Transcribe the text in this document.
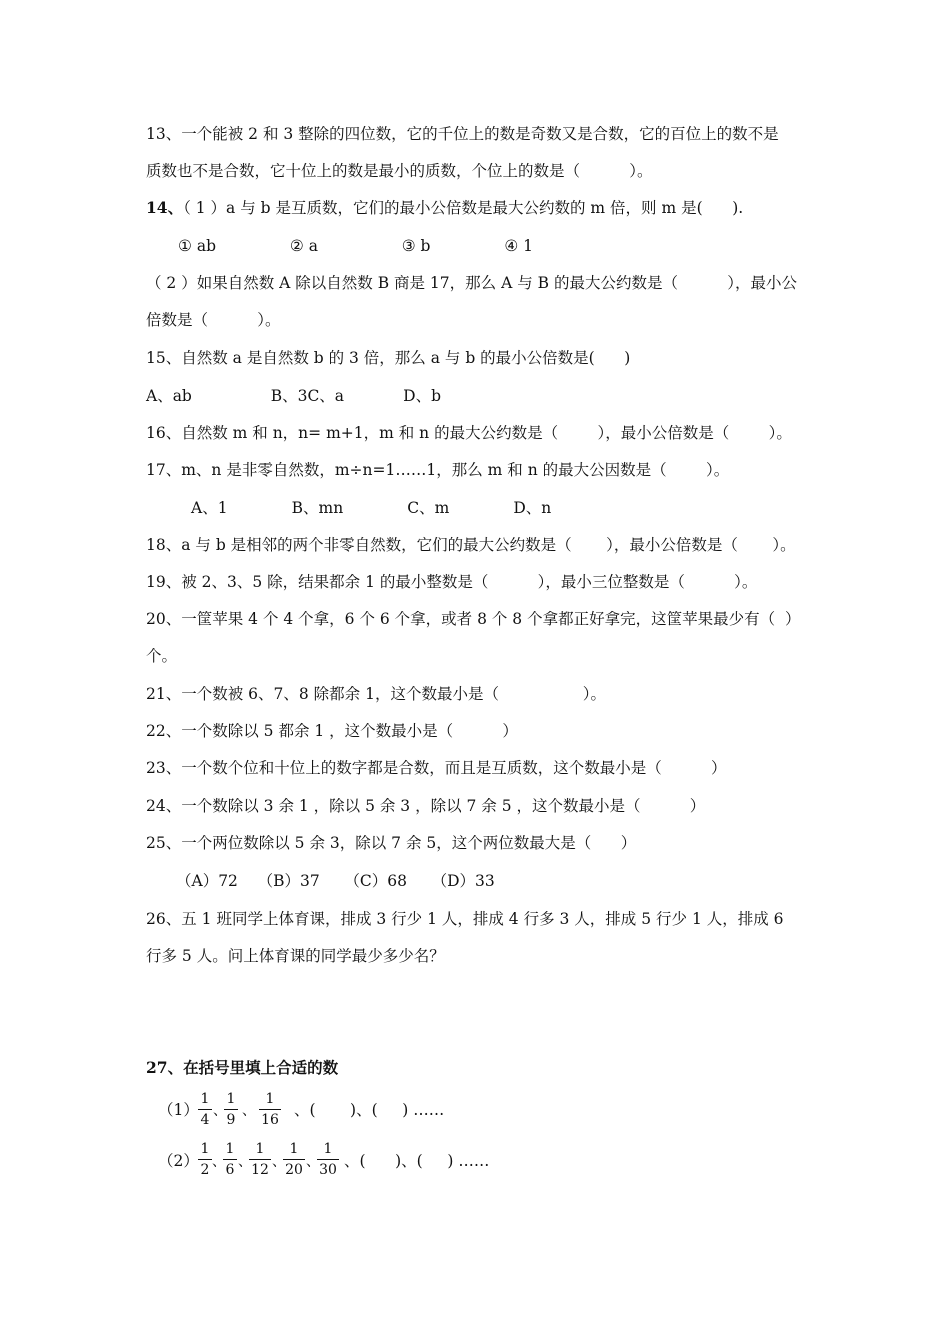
13、一个能被 2 和 3 整除的四位数，它的千位上的数是奇数又是合数，它的百位上的数不是
质数也不是合数，它十位上的数是最小的质数，个位上的数是（          ）。
14、（ 1 ）a 与 b 是互质数，它们的最小公倍数是最大公约数的 m 倍，则 m 是(      ).
① ab               ② a                 ③ b               ④ 1
（ 2 ）如果自然数 A 除以自然数 B 商是 17，那么 A 与 B 的最大公约数是（          ），最小公
倍数是（          ）。
15、自然数 a 是自然数 b 的 3 倍，那么 a 与 b 的最小公倍数是(      )
A、ab                B、3C、a            D、b
16、自然数 m 和 n，n= m+1，m 和 n 的最大公约数是（        ），最小公倍数是（        ）。
17、m、n 是非零自然数，m÷n=1……1，那么 m 和 n 的最大公因数是（        ）。
A、1             B、mn             C、m             D、n
18、a 与 b 是相邻的两个非零自然数，它们的最大公约数是（       ），最小公倍数是（       ）。
19、被 2、3、5 除，结果都余 1 的最小整数是（          ），最小三位整数是（          ）。
20、一筐苹果 4 个 4 个拿，6 个 6 个拿，或者 8 个 8 个拿都正好拿完，这筐苹果最少有（  ）
个。
21、一个数被 6、7、8 除都余 1，这个数最小是（                 ）。
22、一个数除以 5 都余 1 ，这个数最小是（          ）
23、一个数个位和十位上的数字都是合数，而且是互质数，这个数最小是（          ）
24、一个数除以 3 余 1 ，除以 5 余 3 ，除以 7 余 5 ，这个数最小是（          ）
25、一个两位数除以 5 余 3，除以 7 余 5，这个两位数最大是（      ）
（A）72    （B）37     （C）68     （D）33
26、五 1 班同学上体育课，排成 3 行少 1 人，排成 4 行多 3 人，排成 5 行少 1 人，排成 6
行多 5 人。问上体育课的同学最少多少名？
27、在括号里填上合适的数
（1）
1
4
、
1
9
、
1
16
、(       )、(     ) ……
（2）
1
2 、
1
6 、
1
12 、
1
20 、
1
30 、(      )、(     ) ……
